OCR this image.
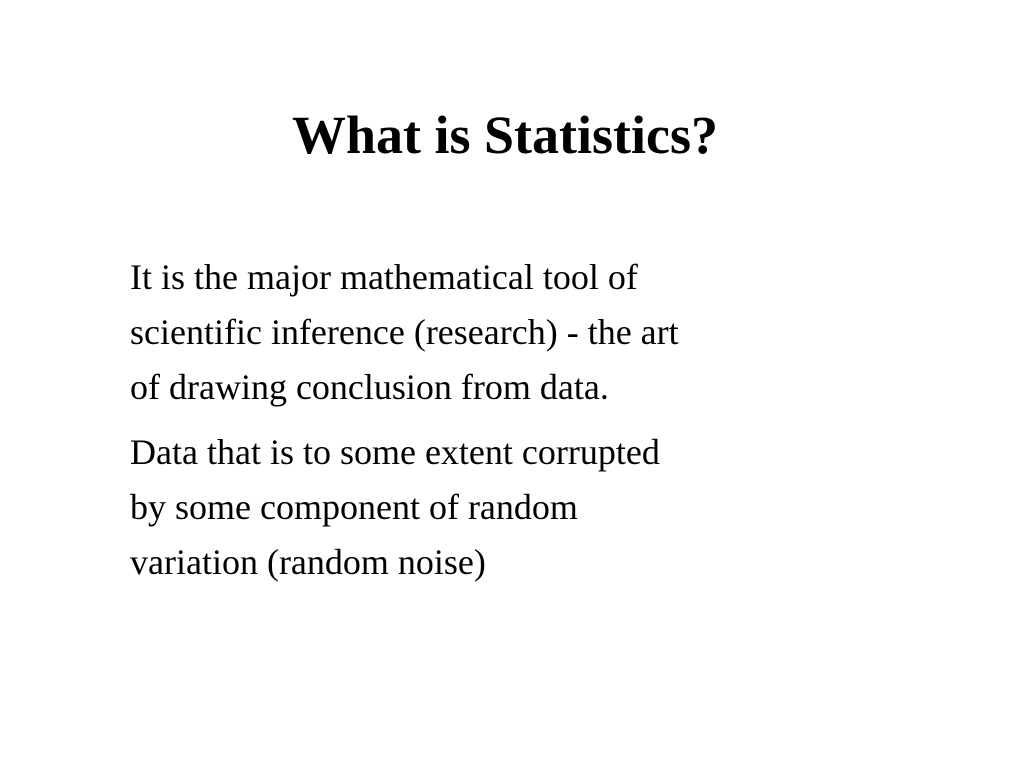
What is Statistics?

It is the major mathematical tool of
scientific inference (research) - the art
of drawing conclusion from data.

Data that is to some extent corrupted
by some component of random
variation (random noise)
